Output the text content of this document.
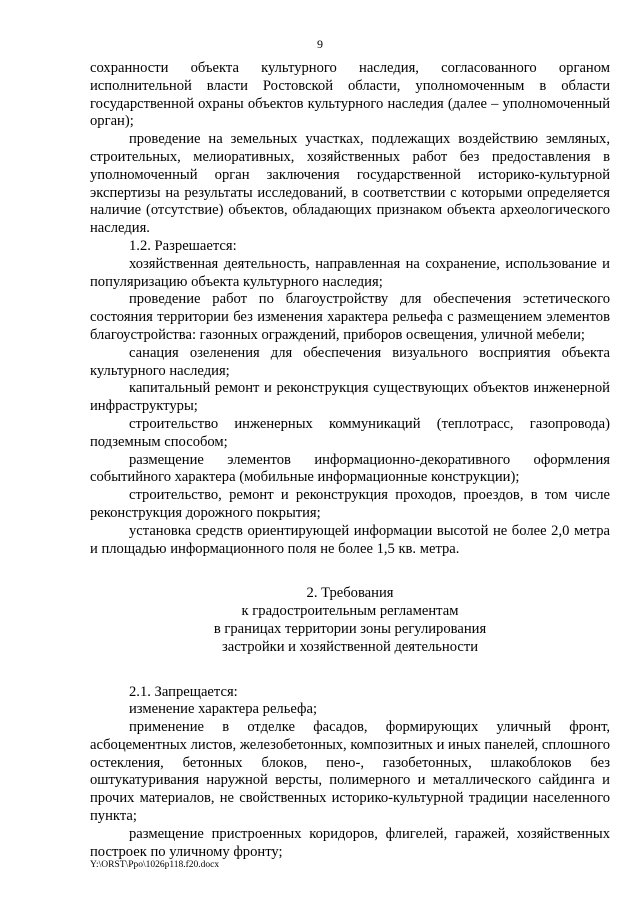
9

сохранности объекта культурного наследия, согласованного органом исполнительной власти Ростовской области, уполномоченным в области государственной охраны объектов культурного наследия (далее – уполномоченный орган);

проведение на земельных участках, подлежащих воздействию земляных, строительных, мелиоративных, хозяйственных работ без предоставления в уполномоченный орган заключения государственной историко-культурной экспертизы на результаты исследований, в соответствии с которыми определяется наличие (отсутствие) объектов, обладающих признаком объекта археологического наследия.

1.2. Разрешается:

хозяйственная деятельность, направленная на сохранение, использование и популяризацию объекта культурного наследия;

проведение работ по благоустройству для обеспечения эстетического состояния территории без изменения характера рельефа с размещением элементов благоустройства: газонных ограждений, приборов освещения, уличной мебели;

санация озеленения для обеспечения визуального восприятия объекта культурного наследия;

капитальный ремонт и реконструкция существующих объектов инженерной инфраструктуры;

строительство инженерных коммуникаций (теплотрасс, газопровода) подземным способом;

размещение элементов информационно-декоративного оформления событийного характера (мобильные информационные конструкции);

строительство, ремонт и реконструкция проходов, проездов, в том числе реконструкция дорожного покрытия;

установка средств ориентирующей информации высотой не более 2,0 метра и площадью информационного поля не более 1,5 кв. метра.

2. Требования

к градостроительным регламентам

в границах территории зоны регулирования

застройки и хозяйственной деятельности

2.1. Запрещается:

изменение характера рельефа;

применение в отделке фасадов, формирующих уличный фронт, асбоцементных листов, железобетонных, композитных и иных панелей, сплошного остекления, бетонных блоков, пено-, газобетонных, шлакоблоков без оштукатуривания наружной версты, полимерного и металлического сайдинга и прочих материалов, не свойственных историко-культурной традиции населенного пункта;

размещение пристроенных коридоров, флигелей, гаражей, хозяйственных построек по уличному фронту;

Y:\ORST\Ppo\1026p118.f20.docx
